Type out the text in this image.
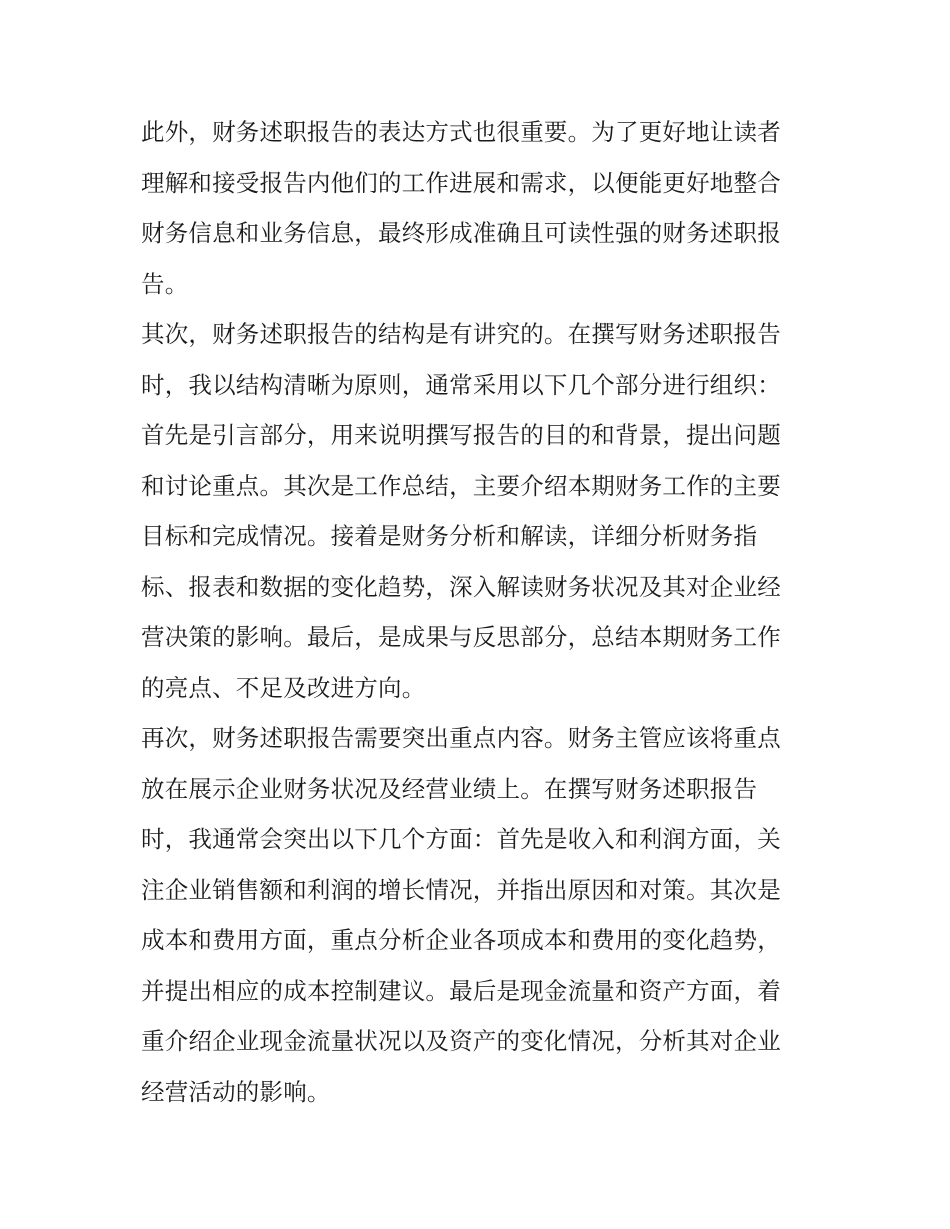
此外，财务述职报告的表达方式也很重要。为了更好地让读者
理解和接受报告内他们的工作进展和需求，以便能更好地整合
财务信息和业务信息，最终形成准确且可读性强的财务述职报
告。
其次，财务述职报告的结构是有讲究的。在撰写财务述职报告
时，我以结构清晰为原则，通常采用以下几个部分进行组织：
首先是引言部分，用来说明撰写报告的目的和背景，提出问题
和讨论重点。其次是工作总结，主要介绍本期财务工作的主要
目标和完成情况。接着是财务分析和解读，详细分析财务指
标、报表和数据的变化趋势，深入解读财务状况及其对企业经
营决策的影响。最后，是成果与反思部分，总结本期财务工作
的亮点、不足及改进方向。
再次，财务述职报告需要突出重点内容。财务主管应该将重点
放在展示企业财务状况及经营业绩上。在撰写财务述职报告
时，我通常会突出以下几个方面：首先是收入和利润方面，关
注企业销售额和利润的增长情况，并指出原因和对策。其次是
成本和费用方面，重点分析企业各项成本和费用的变化趋势，
并提出相应的成本控制建议。最后是现金流量和资产方面，着
重介绍企业现金流量状况以及资产的变化情况，分析其对企业
经营活动的影响。
